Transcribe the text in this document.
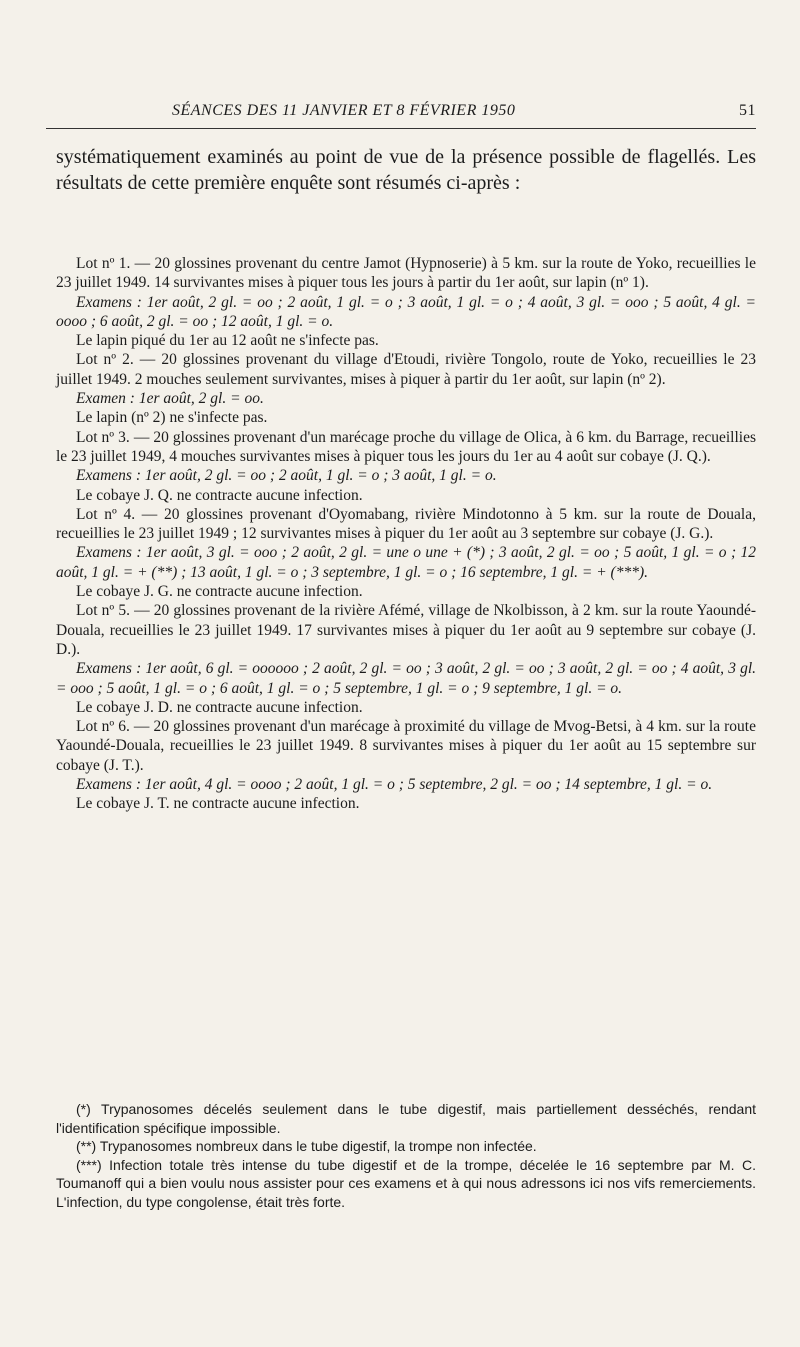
SÉANCES DES 11 JANVIER ET 8 FÉVRIER 1950	51
systématiquement examinés au point de vue de la présence possible de flagellés. Les résultats de cette première enquête sont résumés ci-après :

Lot nº 1. — 20 glossines provenant du centre Jamot (Hypnoserie) à 5 km. sur la route de Yoko, recueillies le 23 juillet 1949. 14 survivantes mises à piquer tous les jours à partir du 1er août, sur lapin (nº 1).

Examens : 1er août, 2 gl. = oo ; 2 août, 1 gl. = o ; 3 août, 1 gl. = o ; 4 août, 3 gl. = ooo ; 5 août, 4 gl. = oooo ; 6 août, 2 gl. = oo ; 12 août, 1 gl. = o.

Le lapin piqué du 1er au 12 août ne s'infecte pas.

Lot nº 2. — 20 glossines provenant du village d'Etoudi, rivière Tongolo, route de Yoko, recueillies le 23 juillet 1949. 2 mouches seulement survivantes, mises à piquer à partir du 1er août, sur lapin (nº 2).

Examen : 1er août, 2 gl. = oo.

Le lapin (nº 2) ne s'infecte pas.

Lot nº 3. — 20 glossines provenant d'un marécage proche du village de Olica, à 6 km. du Barrage, recueillies le 23 juillet 1949, 4 mouches survivantes mises à piquer tous les jours du 1er au 4 août sur cobaye (J. Q.).

Examens : 1er août, 2 gl. = oo ; 2 août, 1 gl. = o ; 3 août, 1 gl. = o.

Le cobaye J. Q. ne contracte aucune infection.

Lot nº 4. — 20 glossines provenant d'Oyomabang, rivière Mindotonno à 5 km. sur la route de Douala, recueillies le 23 juillet 1949 ; 12 survivantes mises à piquer du 1er août au 3 septembre sur cobaye (J. G.).

Examens : 1er août, 3 gl. = ooo ; 2 août, 2 gl. = une o une + (*) ; 3 août, 2 gl. = oo ; 5 août, 1 gl. = o ; 12 août, 1 gl. = + (**) ; 13 août, 1 gl. = o ; 3 septembre, 1 gl. = o ; 16 septembre, 1 gl. = + (***).

Le cobaye J. G. ne contracte aucune infection.

Lot nº 5. — 20 glossines provenant de la rivière Afémé, village de Nkolbisson, à 2 km. sur la route Yaoundé-Douala, recueillies le 23 juillet 1949. 17 survivantes mises à piquer du 1er août au 9 septembre sur cobaye (J. D.).

Examens : 1er août, 6 gl. = oooooo ; 2 août, 2 gl. = oo ; 3 août, 2 gl. = oo ; 3 août, 2 gl. = oo ; 4 août, 3 gl. = ooo ; 5 août, 1 gl. = o ; 6 août, 1 gl. = o ; 5 septembre, 1 gl. = o ; 9 septembre, 1 gl. = o.

Le cobaye J. D. ne contracte aucune infection.

Lot nº 6. — 20 glossines provenant d'un marécage à proximité du village de Mvog-Betsi, à 4 km. sur la route Yaoundé-Douala, recueillies le 23 juillet 1949. 8 survivantes mises à piquer du 1er août au 15 septembre sur cobaye (J. T.).

Examens : 1er août, 4 gl. = oooo ; 2 août, 1 gl. = o ; 5 septembre, 2 gl. = oo ; 14 septembre, 1 gl. = o.

Le cobaye J. T. ne contracte aucune infection.

(*) Trypanosomes décelés seulement dans le tube digestif, mais partiellement desséchés, rendant l'identification spécifique impossible.

(**) Trypanosomes nombreux dans le tube digestif, la trompe non infectée.

(***) Infection totale très intense du tube digestif et de la trompe, décelée le 16 septembre par M. C. Toumanoff qui a bien voulu nous assister pour ces examens et à qui nous adressons ici nos vifs remerciements. L'infection, du type congolense, était très forte.
